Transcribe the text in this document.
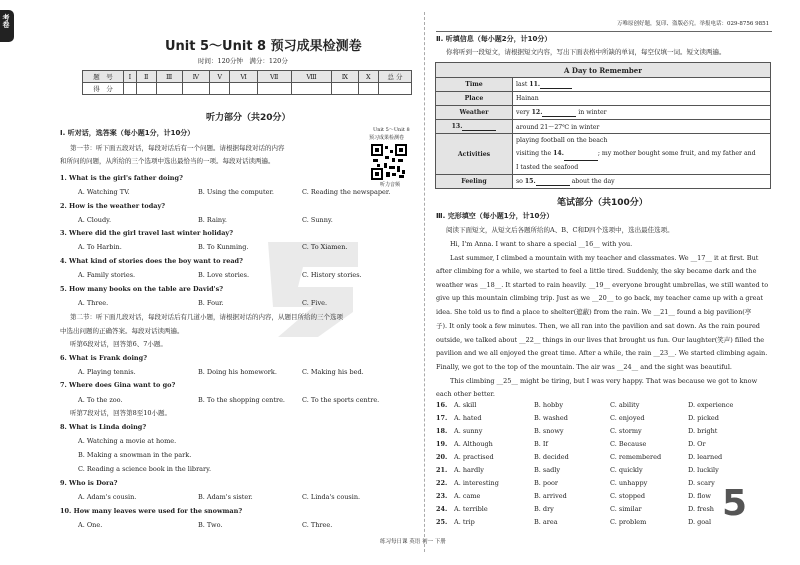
考卷
Unit 5～Unit 8 预习成果检测卷
时间：120分钟　满分：120分
题　号	Ⅰ	Ⅱ	Ⅲ	Ⅳ	Ⅴ	Ⅵ	Ⅶ	Ⅷ	Ⅸ	Ⅹ	总 分
得　分											
听力部分（共20分）
Ⅰ. 听对话，选答案（每小题1分，计10分）
第一节：听下面五段对话，每段对话后有一个问题。请根据每段对话的内容
和所问的问题，从所给的三个选项中选出最恰当的一项。每段对话读两遍。
Unit 5～Unit 8
预习成果检测卷
听力音频
1. What is the girl's father doing?
A. Watching TV.	B. Using the computer.	C. Reading the newspaper.
2. How is the weather today?
A. Cloudy.	B. Rainy.	C. Sunny.
3. Where did the girl travel last winter holiday?
A. To Harbin.	B. To Kunming.	C. To Xiamen.
4. What kind of stories does the boy want to read?
A. Family stories.	B. Love stories.	C. History stories.
5. How many books on the table are David's?
A. Three.	B. Four.	C. Five.
第二节：听下面几段对话，每段对话后有几道小题，请根据对话的内容，从题目所给的三个选项
中选出问题的正确答案。每段对话读两遍。
听第6段对话，回答第6、7小题。
6. What is Frank doing?
A. Playing tennis.	B. Doing his homework.	C. Making his bed.
7. Where does Gina want to go?
A. To the zoo.	B. To the shopping centre.	C. To the sports centre.
听第7段对话，回答第8至10小题。
8. What is Linda doing?
A. Watching a movie at home.
B. Making a snowman in the park.
C. Reading a science book in the library.
9. Who is Dora?
A. Adam's cousin.	B. Adam's sister.	C. Linda's cousin.
10. How many leaves were used for the snowman?
A. One.	B. Two.	C. Three.
练习每日课 英语 初一 下册
万唯原创好题，复印、盗版必究。举报电话：029-8756 9851
Ⅱ. 听填信息（每小题2分，计10分）
你将听到一段短文，请根据短文内容，写出下面表格中所缺的单词，每空仅填一词。短文读两遍。
A Day to Remember	
Time	last 11.
Place	Hainan
Weather	very 12. in winter
13.	around 21～27℃ in winter
Activities	playing football on the beach
visiting the 14. ; my mother bought some fruit, and my father and
I tasted the seafood

Feeling	so 15. about the day
笔试部分（共100分）
Ⅲ. 完形填空（每小题1分，计10分）
阅读下面短文，从短文后各题所给的A、B、C和D四个选项中，选出最佳选项。
Hi, I'm Anna. I want to share a special __16__ with you.
Last summer, I climbed a mountain with my teacher and classmates. We __17__ it at first. But
after climbing for a while, we started to feel a little tired. Suddenly, the sky became dark and the
weather was __18__. It started to rain heavily. __19__ everyone brought umbrellas, we still wanted to
give up this mountain climbing trip. Just as we __20__ to go back, my teacher came up with a great
idea. She told us to find a place to shelter(遮蔽) from the rain. We __21__ found a big pavilion(亭
子). It only took a few minutes. Then, we all ran into the pavilion and sat down. As the rain poured
outside, we talked about __22__ things in our lives that brought us fun. Our laughter(笑声) filled the
pavilion and we all enjoyed the great time. After a while, the rain __23__. We started climbing again.
Finally, we got to the top of the mountain. The air was __24__ and the sight was beautiful.
This climbing __25__ might be tiring, but I was very happy. That was because we got to know
each other better.
16. A. skill	B. hobby	C. ability	D. experience
17. A. hated	B. washed	C. enjoyed	D. picked
18. A. sunny	B. snowy	C. stormy	D. bright
19. A. Although	B. If	C. Because	D. Or
20. A. practised	B. decided	C. remembered	D. learned
21. A. hardly	B. sadly	C. quickly	D. luckily
22. A. interesting	B. poor	C. unhappy	D. scary
23. A. came	B. arrived	C. stopped	D. flow
24. A. terrible	B. dry	C. similar	D. fresh
25. A. trip	B. area	C. problem	D. goal 5
